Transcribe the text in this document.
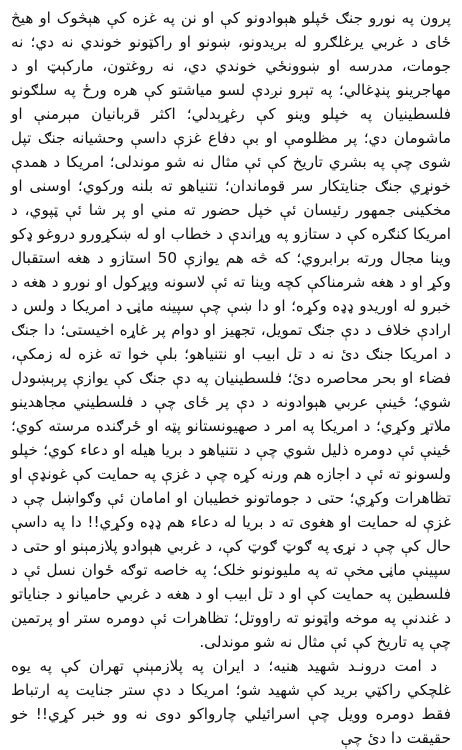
پرون په نورو جنګ ځپلو هېوادونو کې او نن په غزه کې هېڅوک او هیڅ ځای د غربي یرغلګرو له بریدونو، ښونو او راکټونو خوندي نه دي؛ نه جومات، مدرسه او ښوونځي خوندي دي، نه روغتون، مارکېټ او د مهاجرینو پنډغالي؛ په تېرو نږدې لسو میاشتو کې هره ورځ په سلګونو فلسطینیان په خپلو وینو کې رغړېدلي؛ اکثر قربانیان مېرمنې او ماشومان دي؛ پر مظلومې او بې دفاع غزې داسې وحشیانه جنګ تپل شوی چې په بشري تاریخ کې ئې مثال نه شو موندلی؛ امریکا د همدې خونړي جنګ جنایتکار سر قوماندان؛ نتنیاهو ته بلنه ورکوي؛ اوسنی او مخکینی جمهور رئیسان ئې خپل حضور ته مني او پر شا ئې ټپوي، د امریکا کنګره کې د ستازو په وړاندې د خطاب او له ښکړورو دروغو ډکو وینا مجال ورته برابروي؛ که څه هم یوازې 50 استازو د هغه استقبال وکړ او د هغه شرمناکې کچه وینا ته ئې لاسونه وپړکول او نورو د هغه د خبرو له اوریدو ډډه وکړه؛ او دا ښې چې سپینه ماڼۍ د امریکا د ولس د ارادې خلاف د دې جنګ تمویل، تجهیز او دوام پر غاړه اخیستی؛ دا جنګ د امریکا جنګ دئ نه د تل ابیب او نتنیاهو؛ بلې خوا ته غزه له زمکې، فضاء او بحر محاصره دئ؛ فلسطینیان په دې جنګ کې یوازې پرېښودل شوي؛ ځینې عربي هېوادونه د دې پر ځای چې د فلسطیني مجاهدینو ملاتړ وکړي؛ د امریکا په امر د صهیونستانو پټه او ځرګنده مرسته کوي؛ ځینې ئې دومره ذلیل شوي چې د نتنیاهو د بریا هیله او دعاء کوي؛ خپلو ولسونو ته ئې د اجازه هم ورنه کړه چې د غزې په حمایت کې غونډې او تظاهرات وکړي؛ حتی د جوماتونو خطیبان او امامان ئې وګواښل چې د غزې له حمایت او هغوی ته د بریا له دعاء هم ډډه وکړي!! دا په داسې حال کې چې د نړۍ په ګوټ ګوټ کې، د غربي هېوادو پلازمېنو او حتی د سپینې ماڼۍ مخې ته په ملیونونو خلک؛ په خاصه توګه ځوان نسل ئې د فلسطین په حمایت کې او د تل ابیب او د هغه د غربي حامیانو د جنایاتو د غندنې په موخه واټونو ته راووتل؛ تظاهرات ئې دومره ستر او پرتمین چې په تاریخ کې ئې مثال نه شو موندلی.

د امت درونـد شهید هنیه؛ د ایران په پلازمېنې تهران کې په یوه غلچکي راکټي برید کې شهید شو؛ امریکا د دې ستر جنایت په ارتباط فقط دومره وویل چې اسرائیلي چارواکو دوی نه وو خبر کړي!! خو حقیقت دا دئ چې
